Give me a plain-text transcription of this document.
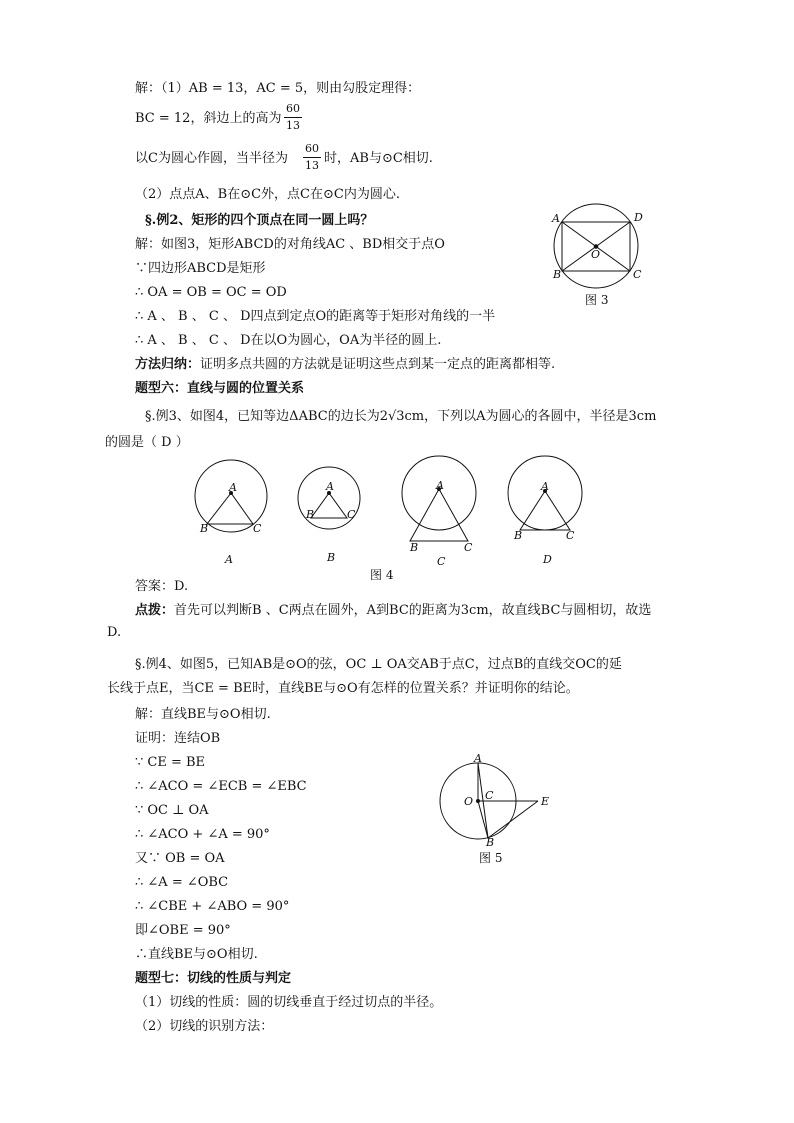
解：（1）AB = 13，AC = 5，则由勾股定理得：
BC = 12，斜边上的高为
60
13
以C为圆心作圆，当半径为
60
13 时，AB与⊙C相切.
（2）点点A、B在⊙C外，点C在⊙C内为圆心.
§.例2、矩形的四个顶点在同一圆上吗？
解：如图3，矩形ABCD的对角线AC 、BD相交于点O
∵四边形ABCD是矩形
∴ OA = OB = OC = OD
∴ A 、 B 、 C 、 D四点到定点O的距离等于矩形对角线的一半
∴ A 、 B 、 C 、 D在以O为圆心，OA为半径的圆上.
方法归纳：证明多点共圆的方法就是证明这些点到某一定点的距离都相等.
题型六：直线与圆的位置关系
§.例3、如图4，已知等边ΔABC的边长为2√3cm，下列以A为圆心的各圆中，半径是3cm
的圆是（ D ）
答案：D.
点拨：首先可以判断B 、C两点在圆外，A到BC的距离为3cm，故直线BC与圆相切，故选
D.
§.例4、如图5，已知AB是⊙O的弦，OC ⊥ OA交AB于点C，过点B的直线交OC的延
长线于点E，当CE = BE时，直线BE与⊙O有怎样的位置关系？并证明你的结论。
解：直线BE与⊙O相切.
证明：连结OB
∵ CE = BE
∴ ∠ACO = ∠ECB = ∠EBC
∵ OC ⊥ OA
∴ ∠ACO + ∠A = 90°
又∵ OB = OA
∴ ∠A = ∠OBC
∴ ∠CBE + ∠ABO = 90°
即∠OBE = 90°
∴直线BE与⊙O相切.
题型七：切线的性质与判定
（1）切线的性质：圆的切线垂直于经过切点的半径。
（2）切线的识别方法：
A	D
B	C
O
图 3
A
B	C
A
A
B	C
B
A
B	C
C
图 4
A
B	C
D
A
O C	E
B
图 5
